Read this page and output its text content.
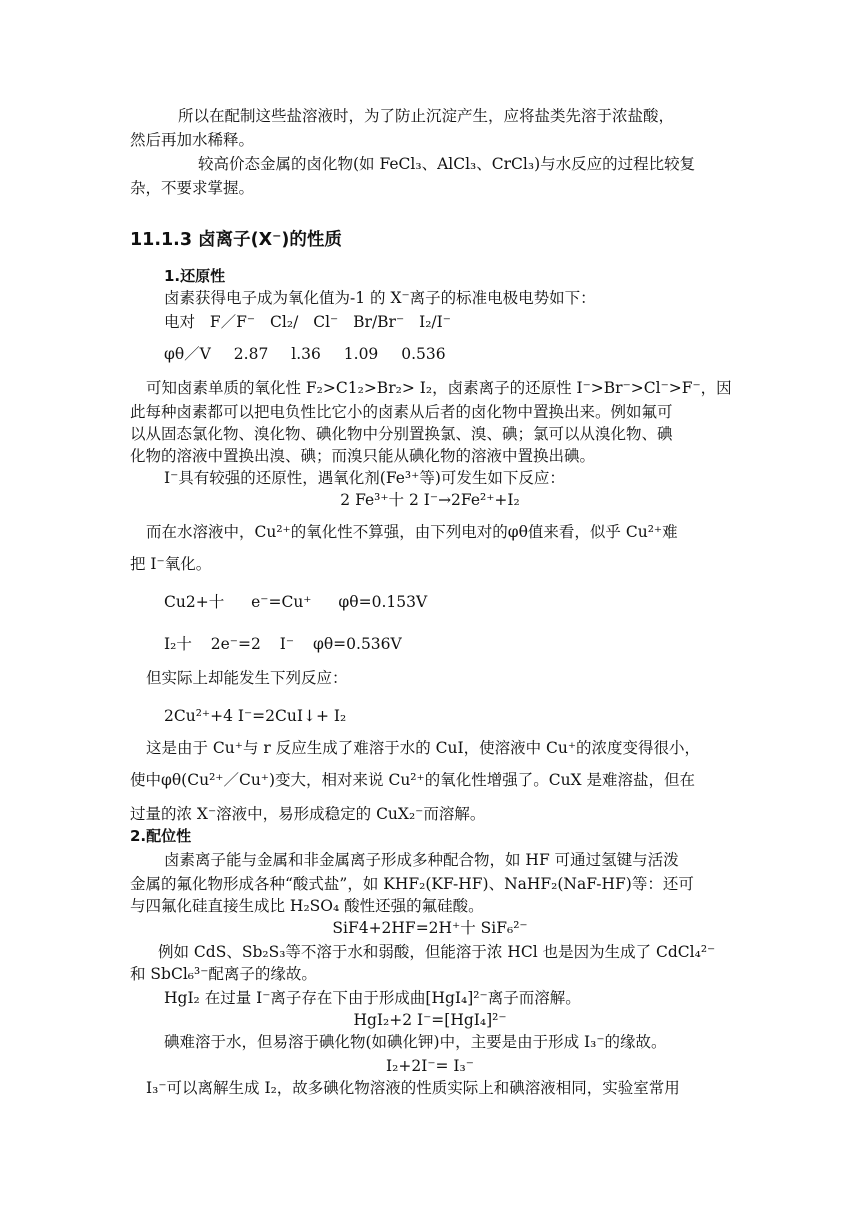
所以在配制这些盐溶液时，为了防止沉淀产生，应将盐类先溶于浓盐酸，
然后再加水稀释。
较高价态金属的卤化物(如 FeCl₃、AlCl₃、CrCl₃)与水反应的过程比较复
杂，不要求掌握。
11.1.3 卤离子(X⁻)的性质
1.还原性
卤素获得电子成为氧化值为-1 的 X⁻离子的标准电极电势如下：
电对 F／F⁻ Cl₂/ Cl⁻ Br/Br⁻ I₂/I⁻
φθ／V 2.87 l.36 1.09 0.536
可知卤素单质的氧化性 F₂>C1₂>Br₂> I₂，卤素离子的还原性 I⁻>Br⁻>Cl⁻>F⁻，因
此每种卤素都可以把电负性比它小的卤素从后者的卤化物中置换出来。例如氟可
以从固态氯化物、溴化物、碘化物中分别置换氯、溴、碘；氯可以从溴化物、碘
化物的溶液中置换出溴、碘；而溴只能从碘化物的溶液中置换出碘。
I⁻具有较强的还原性，遇氧化剂(Fe³⁺等)可发生如下反应：
2 Fe³⁺十 2 I⁻→2Fe²⁺+I₂
而在水溶液中，Cu²⁺的氧化性不算强，由下列电对的φθ值来看，似乎 Cu²⁺难
把 I⁻氧化。
Cu2+十 e⁻=Cu⁺ φθ=0.153V
I₂十 2e⁻=2 I⁻ φθ=0.536V
但实际上却能发生下列反应：
2Cu²⁺+4 I⁻=2CuI↓+ I₂
这是由于 Cu⁺与 r 反应生成了难溶于水的 CuI，使溶液中 Cu⁺的浓度变得很小，
使中φθ(Cu²⁺／Cu⁺)变大，相对来说 Cu²⁺的氧化性增强了。CuX 是难溶盐，但在
过量的浓 X⁻溶液中，易形成稳定的 CuX₂⁻而溶解。
2.配位性
卤素离子能与金属和非金属离子形成多种配合物，如 HF 可通过氢键与活泼
金属的氟化物形成各种“酸式盐”，如 KHF₂(KF-HF)、NaHF₂(NaF-HF)等：还可
与四氟化硅直接生成比 H₂SO₄ 酸性还强的氟硅酸。
SiF4+2HF=2H⁺十 SiF₆²⁻
例如 CdS、Sb₂S₃等不溶于水和弱酸，但能溶于浓 HCl 也是因为生成了 CdCl₄²⁻
和 SbCl₆³⁻配离子的缘故。
HgI₂ 在过量 I⁻离子存在下由于形成曲[HgI₄]²⁻离子而溶解。
HgI₂+2 I⁻=[HgI₄]²⁻
碘难溶于水，但易溶于碘化物(如碘化钾)中，主要是由于形成 I₃⁻的缘故。
I₂+2I⁻= I₃⁻
I₃⁻可以离解生成 I₂，故多碘化物溶液的性质实际上和碘溶液相同，实验室常用
